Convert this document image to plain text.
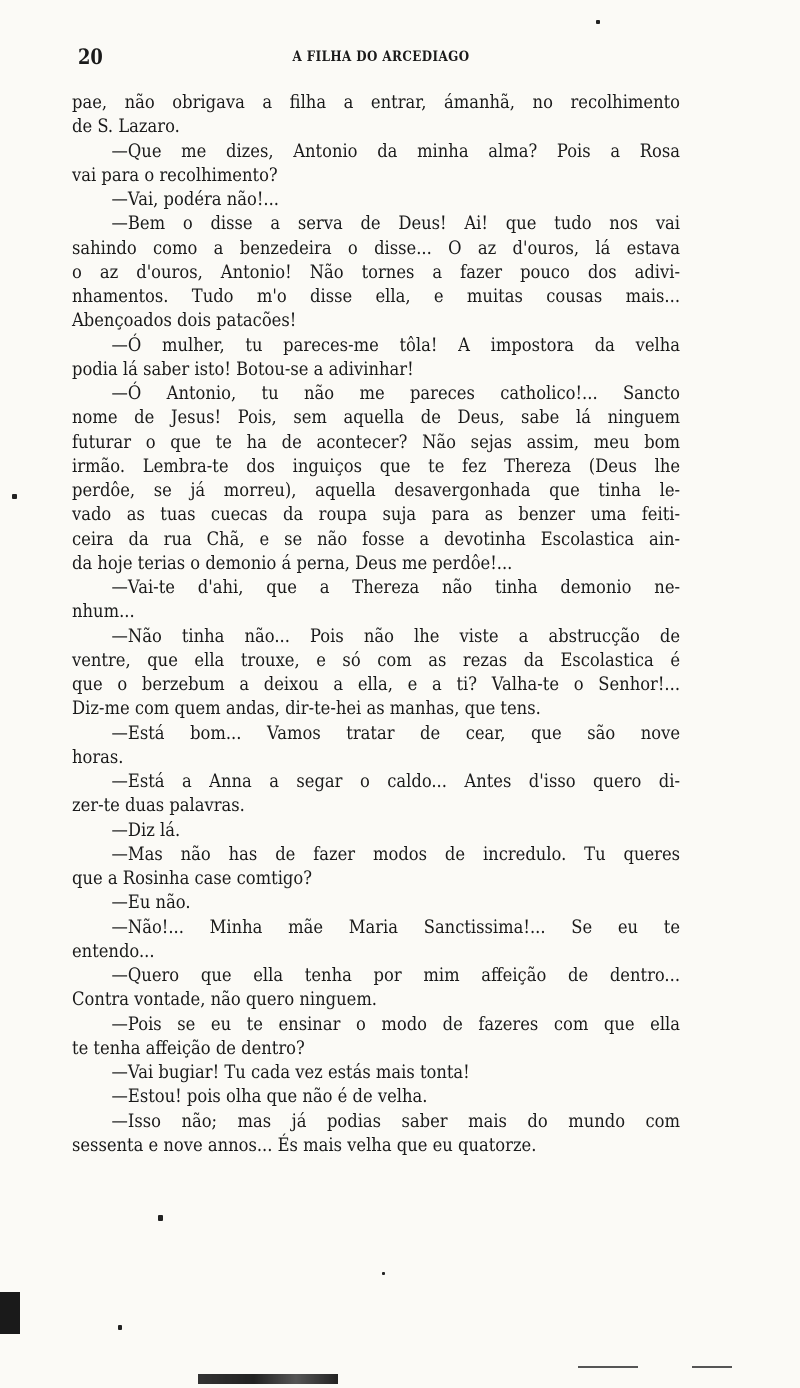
20	A FILHA DO ARCEDIAGO
pae, não obrigava a filha a entrar, ámanhã, no recolhimento
de S. Lazaro.
—Que me dizes, Antonio da minha alma? Pois a Rosa
vai para o recolhimento?
—Vai, podéra não!...
—Bem o disse a serva de Deus! Ai! que tudo nos vai
sahindo como a benzedeira o disse... O az d'ouros, lá estava
o az d'ouros, Antonio! Não tornes a fazer pouco dos adivi-
nhamentos. Tudo m'o disse ella, e muitas cousas mais...
Abençoados dois patacões!
—Ó mulher, tu pareces-me tôla! A impostora da velha
podia lá saber isto! Botou-se a adivinhar!
—Ó Antonio, tu não me pareces catholico!... Sancto
nome de Jesus! Pois, sem aquella de Deus, sabe lá ninguem
futurar o que te ha de acontecer? Não sejas assim, meu bom
irmão. Lembra-te dos inguiços que te fez Thereza (Deus lhe
perdôe, se já morreu), aquella desavergonhada que tinha le-
vado as tuas cuecas da roupa suja para as benzer uma feiti-
ceira da rua Chã, e se não fosse a devotinha Escolastica ain-
da hoje terias o demonio á perna, Deus me perdôe!...
—Vai-te d'ahi, que a Thereza não tinha demonio ne-
nhum...
—Não tinha não... Pois não lhe viste a abstrucção de
ventre, que ella trouxe, e só com as rezas da Escolastica é
que o berzebum a deixou a ella, e a ti? Valha-te o Senhor!...
Diz-me com quem andas, dir-te-hei as manhas, que tens.
—Está bom... Vamos tratar de cear, que são nove
horas.
—Está a Anna a segar o caldo... Antes d'isso quero di-
zer-te duas palavras.
—Diz lá.
—Mas não has de fazer modos de incredulo. Tu queres
que a Rosinha case comtigo?
—Eu não.
—Não!... Minha mãe Maria Sanctissima!... Se eu te
entendo...
—Quero que ella tenha por mim affeição de dentro...
Contra vontade, não quero ninguem.
—Pois se eu te ensinar o modo de fazeres com que ella
te tenha affeição de dentro?
—Vai bugiar! Tu cada vez estás mais tonta!
—Estou! pois olha que não é de velha.
—Isso não; mas já podias saber mais do mundo com
sessenta e nove annos... És mais velha que eu quatorze.
